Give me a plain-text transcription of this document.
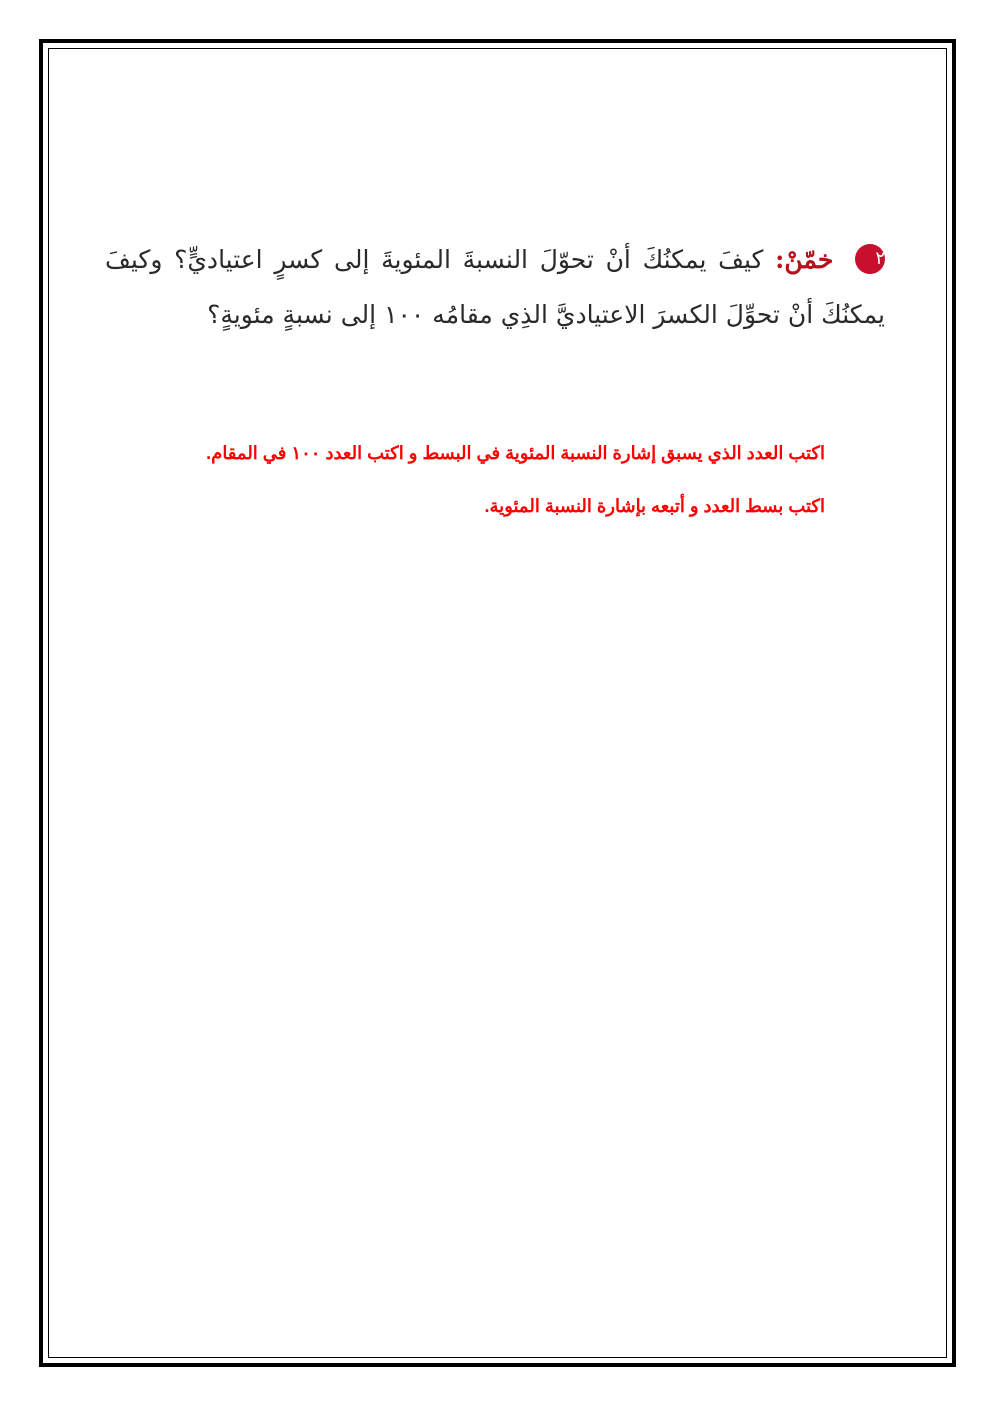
٢ خمّنْ: كيفَ يمكنُكَ أنْ تحوّلَ النسبةَ المئويةَ إلى كسرٍ اعتياديٍّ؟ وكيفَ يمكنُكَ أنْ تحوِّلَ الكسرَ الاعتياديَّ الذِي مقامُه ١٠٠ إلى نسبةٍ مئويةٍ؟

اكتب العدد الذي يسبق إشارة النسبة المئوية في البسط و اكتب العدد ١٠٠ في المقام.

اكتب بسط العدد و أتبعه بإشارة النسبة المئوية.
